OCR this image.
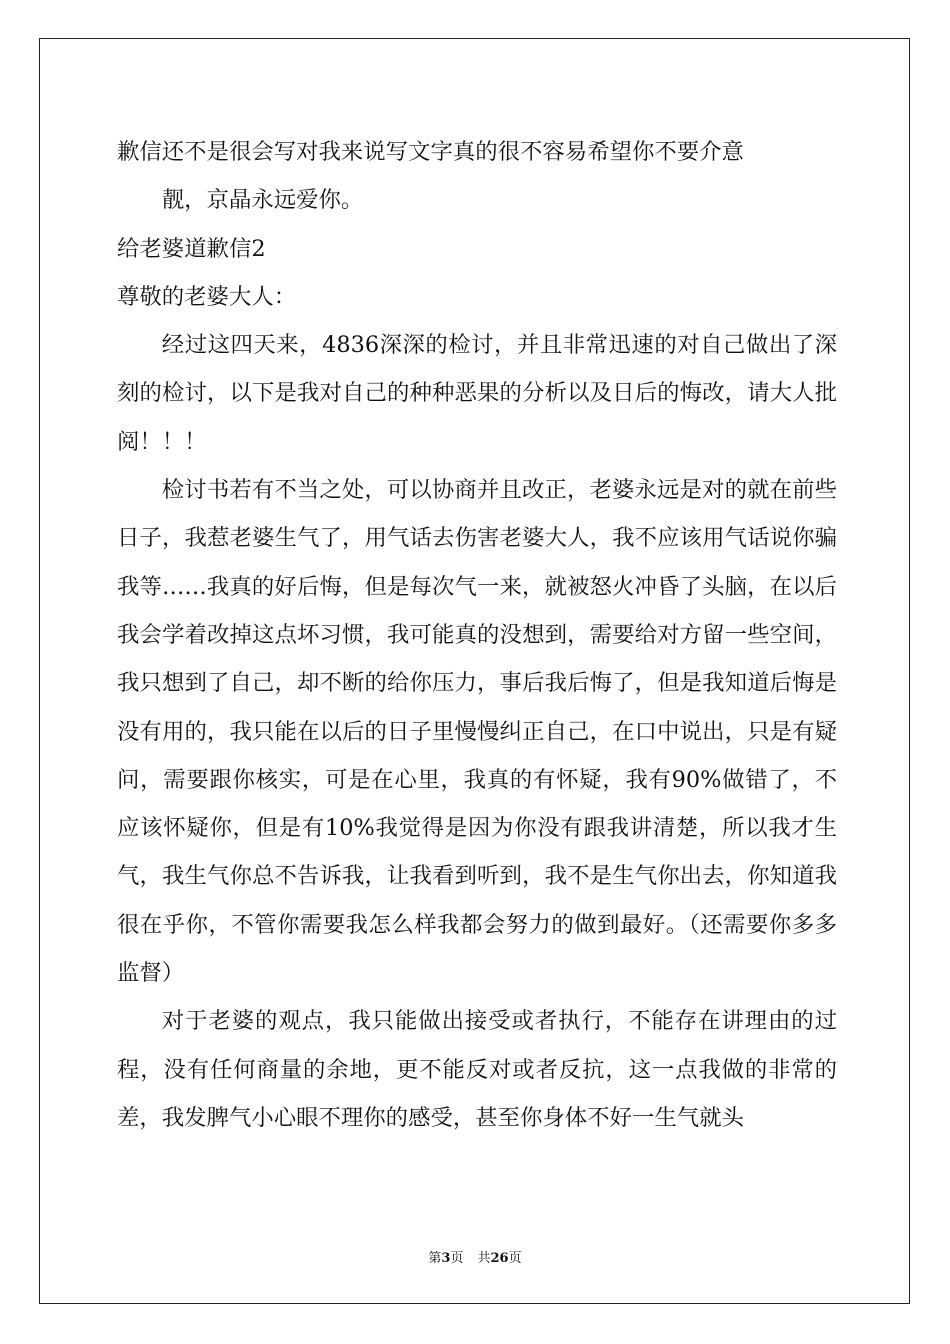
歉信还不是很会写对我来说写文字真的很不容易希望你不要介意

靓，京晶永远爱你。

给老婆道歉信2

尊敬的老婆大人：

经过这四天来，4836深深的检讨，并且非常迅速的对自己做出了深刻的检讨，以下是我对自己的种种恶果的分析以及日后的悔改，请大人批阅！！！

检讨书若有不当之处，可以协商并且改正，老婆永远是对的就在前些日子，我惹老婆生气了，用气话去伤害老婆大人，我不应该用气话说你骗我等……我真的好后悔，但是每次气一来，就被怒火冲昏了头脑，在以后我会学着改掉这点坏习惯，我可能真的没想到，需要给对方留一些空间，我只想到了自己，却不断的给你压力，事后我后悔了，但是我知道后悔是没有用的，我只能在以后的日子里慢慢纠正自己，在口中说出，只是有疑问，需要跟你核实，可是在心里，我真的有怀疑，我有90%做错了，不应该怀疑你，但是有10%我觉得是因为你没有跟我讲清楚，所以我才生气，我生气你总不告诉我，让我看到听到，我不是生气你出去，你知道我很在乎你，不管你需要我怎么样我都会努力的做到最好。（还需要你多多监督）

对于老婆的观点，我只能做出接受或者执行，不能存在讲理由的过程，没有任何商量的余地，更不能反对或者反抗，这一点我做的非常的差，我发脾气小心眼不理你的感受，甚至你身体不好一生气就头

第3页 共26页
